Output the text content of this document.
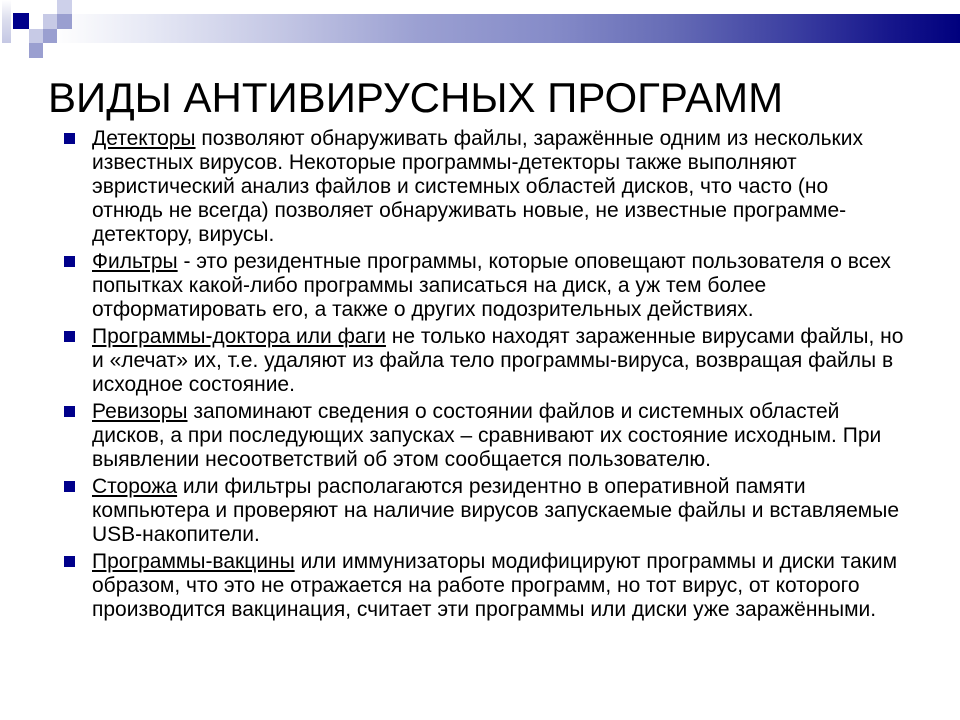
ВИДЫ АНТИВИРУСНЫХ ПРОГРАММ

Детекторы позволяют обнаруживать файлы, заражённые одним из нескольких известных вирусов. Некоторые программы-детекторы также выполняют эвристический анализ файлов и системных областей дисков, что часто (но отнюдь не всегда) позволяет обнаруживать новые, не известные программе-детектору, вирусы.

Фильтры - это резидентные программы, которые оповещают пользователя о всех попытках какой-либо программы записаться на диск, а уж тем более отформатировать его, а также о других подозрительных действиях.

Программы-доктора или фаги не только находят зараженные вирусами файлы, но и «лечат» их, т.е. удаляют из файла тело программы-вируса, возвращая файлы в исходное состояние.

Ревизоры запоминают сведения о состоянии файлов и системных областей дисков, а при последующих запусках – сравнивают их состояние исходным. При выявлении несоответствий об этом сообщается пользователю.

Сторожа или фильтры располагаются резидентно в оперативной памяти компьютера и проверяют на наличие вирусов запускаемые файлы и вставляемые USB-накопители.

Программы-вакцины или иммунизаторы модифицируют программы и диски таким образом, что это не отражается на работе программ, но тот вирус, от которого производится вакцинация, считает эти программы или диски уже заражёнными.
